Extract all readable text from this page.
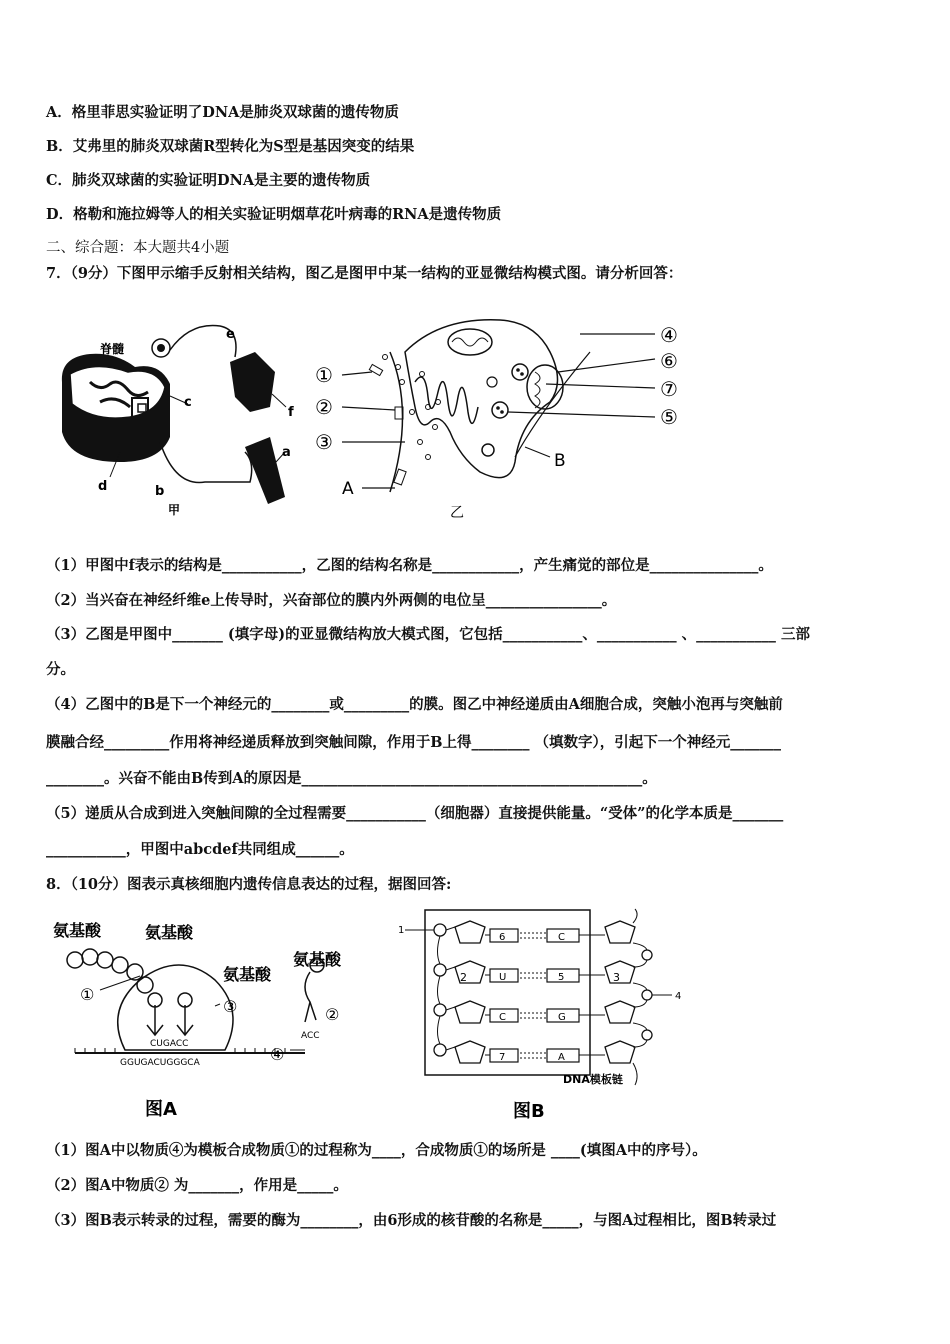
A．格里菲思实验证明了DNA是肺炎双球菌的遗传物质
B．艾弗里的肺炎双球菌R型转化为S型是基因突变的结果
C．肺炎双球菌的实验证明DNA是主要的遗传物质
D．格勒和施拉姆等人的相关实验证明烟草花叶病毒的RNA是遗传物质
二、综合题：本大题共4小题
7．（9分）下图甲示缩手反射相关结构，图乙是图甲中某一结构的亚显微结构模式图。请分析回答：
脊髓
a
b
c
d
e
f
甲
①
②
③
④
⑥
⑦
⑤
A
B
乙
（1）甲图中f表示的结构是___________，乙图的结构名称是____________，产生痛觉的部位是_______________。
（2）当兴奋在神经纤维e上传导时，兴奋部位的膜内外两侧的电位呈________________。
（3）乙图是甲图中_______ (填字母)的亚显微结构放大模式图，它包括___________、___________ 、___________ 三部
分。
（4）乙图中的B是下一个神经元的________或_________的膜。图乙中神经递质由A细胞合成，突触小泡再与突触前
膜融合经_________作用将神经递质释放到突触间隙，作用于B上得________ （填数字），引起下一个神经元_______
________。兴奋不能由B传到A的原因是_______________________________________________。
（5）递质从合成到进入突触间隙的全过程需要___________（细胞器）直接提供能量。“受体”的化学本质是_______
___________，甲图中abcdef共同组成______。
8．（10分）图表示真核细胞内遗传信息表达的过程，据图回答:
氨基酸	氨基酸
氨基酸
氨基酸
①
②
③
④
CUGACC
GGUGACUGGGCA
ACC
图A
6
U
C
7
C
5
G
A
1
2	3
4
DNA模板链
图B
（1）图A中以物质④为模板合成物质①的过程称为____，合成物质①的场所是 ____(填图A中的序号）。
（2）图A中物质② 为_______，作用是_____。
（3）图B表示转录的过程，需要的酶为________，由6形成的核苷酸的名称是_____，与图A过程相比，图B转录过
